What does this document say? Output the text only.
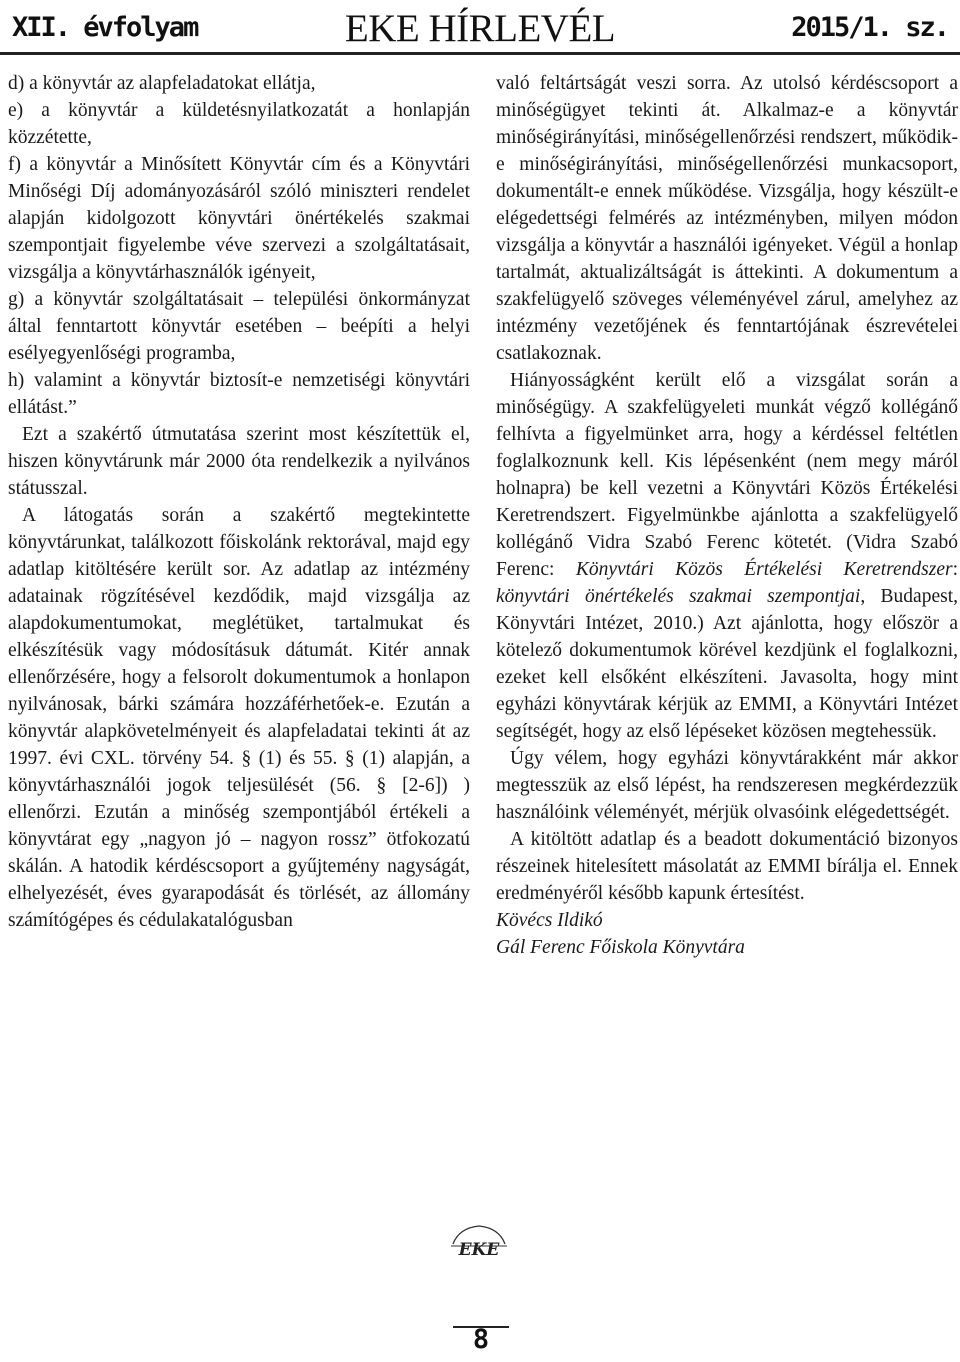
XII. évfolyam	EKE HÍRLEVÉL	2015/1. sz.

d) a könyvtár az alapfeladatokat ellátja,

e) a könyvtár a küldetésnyilatkozatát a honlapján közzétette,

f) a könyvtár a Minősített Könyvtár cím és a Könyvtári Minőségi Díj adományozásáról szóló miniszteri rendelet alapján kidolgozott könyvtári önértékelés szakmai szempontjait figyelembe véve szervezi a szolgáltatásait, vizsgálja a könyvtárhasználók igényeit,

g) a könyvtár szolgáltatásait – települési önkormányzat által fenntartott könyvtár esetében – beépíti a helyi esélyegyenlőségi programba,

h) valamint a könyvtár biztosít-e nemzetiségi könyvtári ellátást.”

Ezt a szakértő útmutatása szerint most készítettük el, hiszen könyvtárunk már 2000 óta rendelkezik a nyilvános státusszal.

A látogatás során a szakértő megtekintette könyvtárunkat, találkozott főiskolánk rektorával, majd egy adatlap kitöltésére került sor. Az adatlap az intézmény adatainak rögzítésével kezdődik, majd vizsgálja az alapdokumentumokat, meglétüket, tartalmukat és elkészítésük vagy módosításuk dátumát. Kitér annak ellenőrzésére, hogy a felsorolt dokumentumok a honlapon nyilvánosak, bárki számára hozzáférhetőek-e. Ezután a könyvtár alapkövetelményeit és alapfeladatai tekinti át az 1997. évi CXL. törvény 54. § (1) és 55. § (1) alapján, a könyvtárhasználói jogok teljesülését (56. § [2-6]) ) ellenőrzi. Ezután a minőség szempontjából értékeli a könyvtárat egy „nagyon jó – nagyon rossz” ötfokozatú skálán. A hatodik kérdéscsoport a gyűjtemény nagyságát, elhelyezését, éves gyarapodását és törlését, az állomány számítógépes és cédulakatalógusban

való feltártságát veszi sorra. Az utolsó kérdéscsoport a minőségügyet tekinti át. Alkalmaz-e a könyvtár minőségirányítási, minőségellenőrzési rendszert, működik-e minőségirányítási, minőségellenőrzési munkacsoport, dokumentált-e ennek működése. Vizsgálja, hogy készült-e elégedettségi felmérés az intézményben, milyen módon vizsgálja a könyvtár a használói igényeket. Végül a honlap tartalmát, aktualizáltságát is áttekinti. A dokumentum a szakfelügyelő szöveges véleményével zárul, amelyhez az intézmény vezetőjének és fenntartójának észrevételei csatlakoznak.

Hiányosságként került elő a vizsgálat során a minőségügy. A szakfelügyeleti munkát végző kollégánő felhívta a figyelmünket arra, hogy a kérdéssel feltétlen foglalkoznunk kell. Kis lépésenként (nem megy máról holnapra) be kell vezetni a Könyvtári Közös Értékelési Keretrendszert. Figyelmünkbe ajánlotta a szakfelügyelő kollégánő Vidra Szabó Ferenc kötetét. (Vidra Szabó Ferenc: Könyvtári Közös Értékelési Keretrendszer: könyvtári önértékelés szakmai szempontjai, Budapest, Könyvtári Intézet, 2010.) Azt ajánlotta, hogy először a kötelező dokumentumok körével kezdjünk el foglalkozni, ezeket kell elsőként elkészíteni. Javasolta, hogy mint egyházi könyvtárak kérjük az EMMI, a Könyvtári Intézet segítségét, hogy az első lépéseket közösen megtehessük.

Úgy vélem, hogy egyházi könyvtárakként már akkor megtesszük az első lépést, ha rendszeresen megkérdezzük használóink véleményét, mérjük olvasóink elégedettségét.

A kitöltött adatlap és a beadott dokumentáció bizonyos részeinek hitelesített másolatát az EMMI bírálja el. Ennek eredményéről később kapunk értesítést.

Kövécs Ildikó

Gál Ferenc Főiskola Könyvtára

EKE
8
